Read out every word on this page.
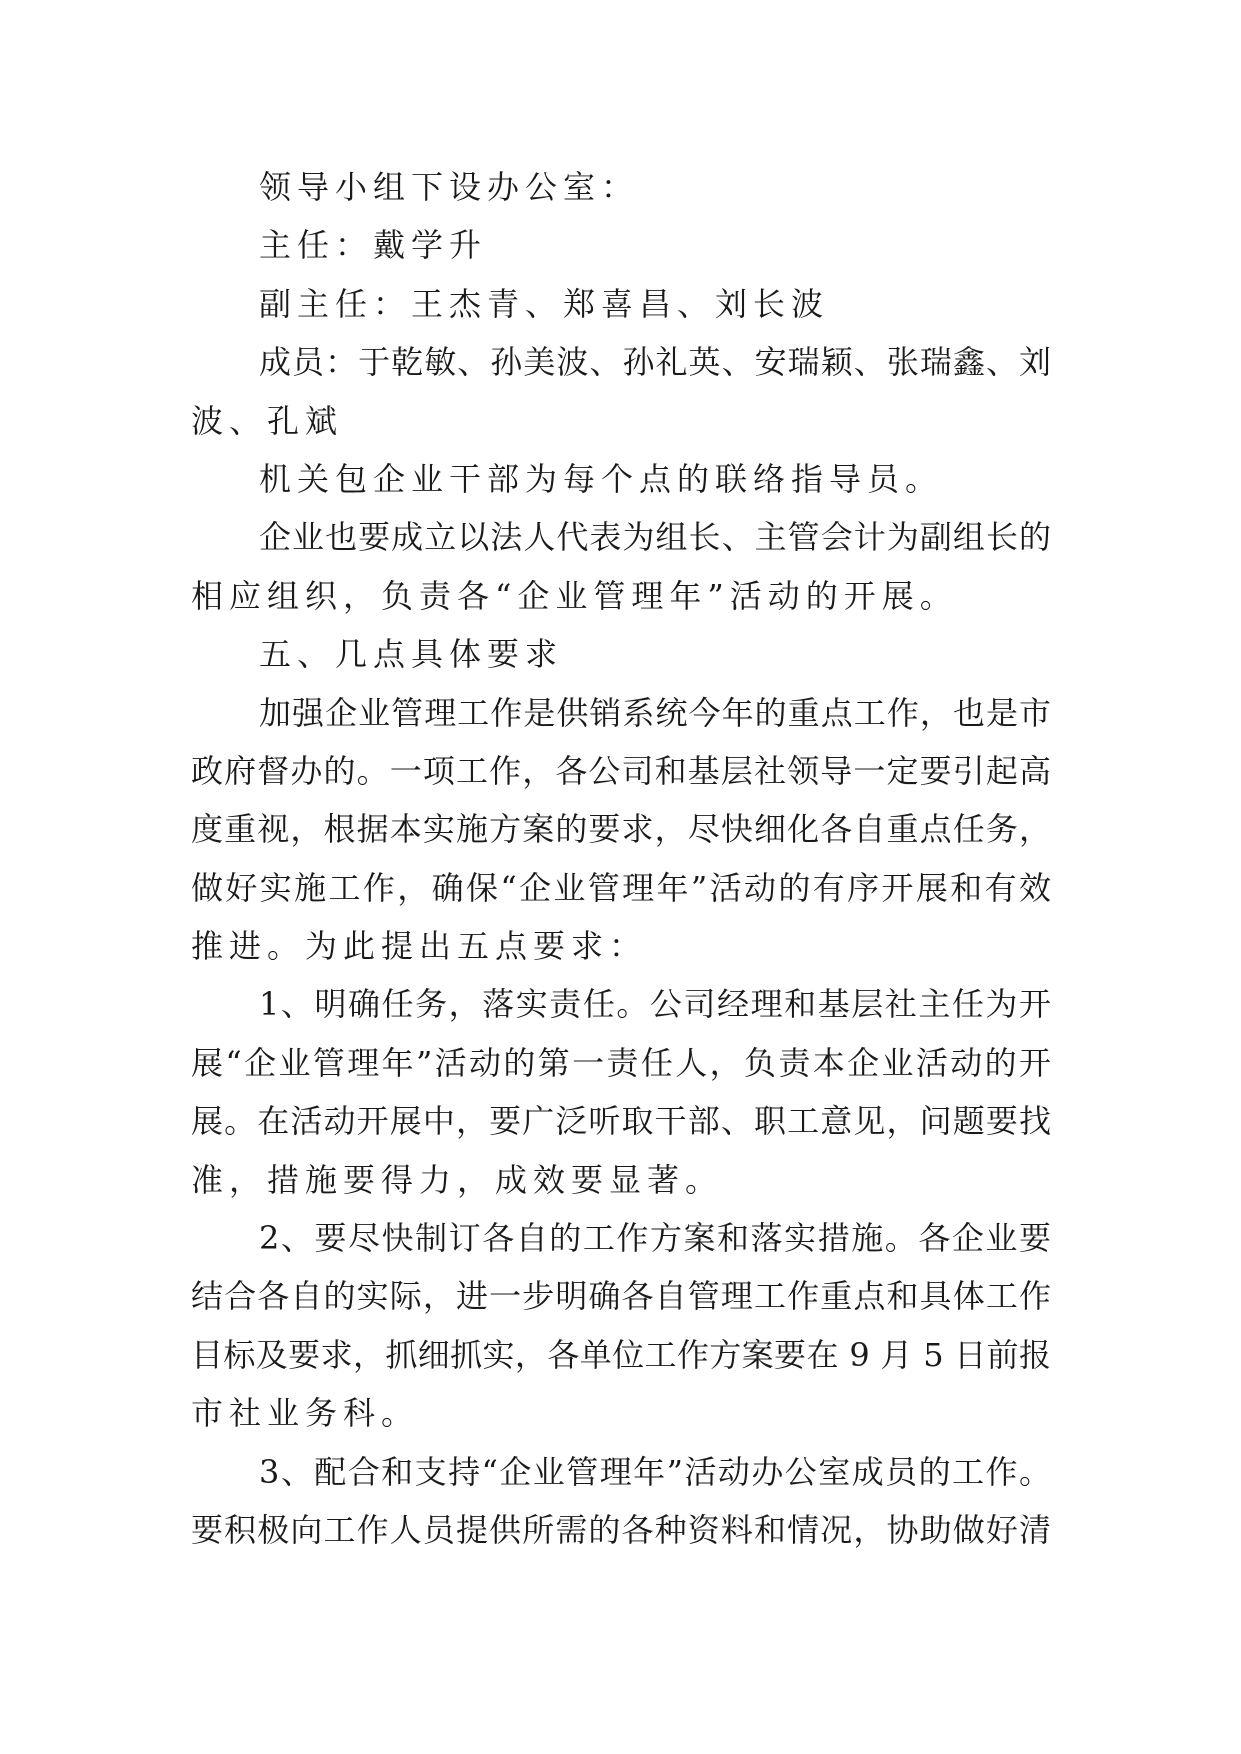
领导小组下设办公室：
主任：戴学升
副主任：王杰青、郑喜昌、刘长波
成员：于乾敏、孙美波、孙礼英、安瑞颖、张瑞鑫、刘
波、孔斌
机关包企业干部为每个点的联络指导员。
企业也要成立以法人代表为组长、主管会计为副组长的
相应组织，负责各“企业管理年”活动的开展。
五、几点具体要求
加强企业管理工作是供销系统今年的重点工作，也是市
政府督办的。一项工作，各公司和基层社领导一定要引起高
度重视，根据本实施方案的要求，尽快细化各自重点任务，
做好实施工作，确保“企业管理年”活动的有序开展和有效
推进。为此提出五点要求：
1、明确任务，落实责任。公司经理和基层社主任为开
展“企业管理年”活动的第一责任人，负责本企业活动的开
展。在活动开展中，要广泛听取干部、职工意见，问题要找
准，措施要得力，成效要显著。
2、要尽快制订各自的工作方案和落实措施。各企业要
结合各自的实际，进一步明确各自管理工作重点和具体工作
目标及要求，抓细抓实，各单位工作方案要在 9 月 5 日前报
市社业务科。
3、配合和支持“企业管理年”活动办公室成员的工作。
要积极向工作人员提供所需的各种资料和情况，协助做好清
